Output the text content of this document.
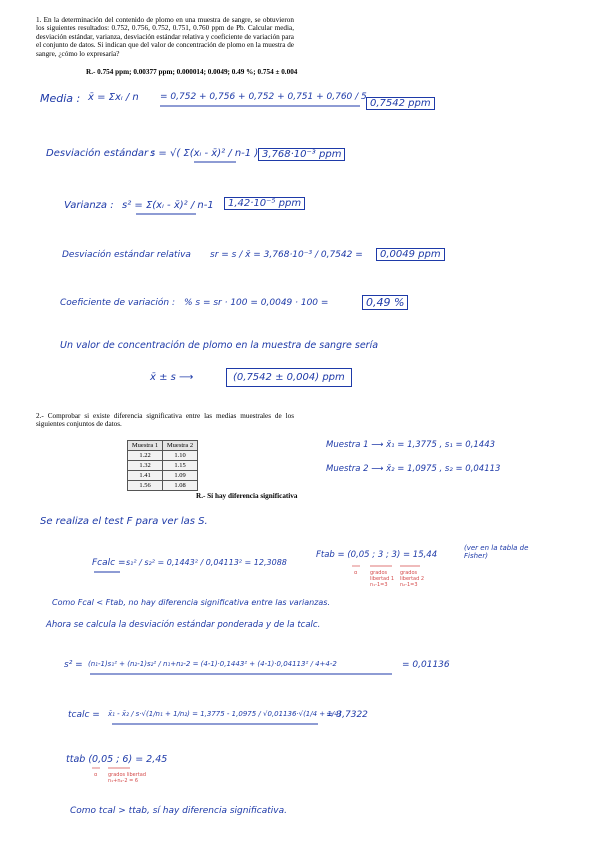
1. En la determinación del contenido de plomo en una muestra de sangre, se obtuvieron los siguientes resultados: 0.752, 0.756, 0.752, 0.751, 0.760 ppm de Pb. Calcular media, desviación estándar, varianza, desviación estándar relativa y coeficiente de variación para el conjunto de datos. Si indican que del valor de concentración de plomo en la muestra de sangre, ¿cómo lo expresaría?
R.- 0.754 ppm; 0.00377 ppm; 0.000014; 0.0049; 0.49 %; 0.754 ± 0.004
Media : x̄ = Σxᵢ / n = 0,752 + 0,756 + 0,752 + 0,751 + 0,760 / 5
0,7542 ppm
Desviación estándar :
s = √( Σ(xᵢ - x̄)² / n-1 ) 3,768·10⁻³ ppm
Varianza : s² = Σ(xᵢ - x̄)² / n-1	1,42·10⁻⁵ ppm
Desviación estándar relativa sr = s / x̄ = 3,768·10⁻³ / 0,7542 =	0,0049 ppm
Coeficiente de variación : % s = sr · 100 = 0,0049 · 100 =	0,49 %
Un valor de concentración de plomo en la muestra de sangre sería
x̄ ± s ⟶	(0,7542 ± 0,004) ppm
2.- Comprobar si existe diferencia significativa entre las medias muestrales de los siguientes conjuntos de datos.
Muestra 1	Muestra 2
1.22	1.10
1.32	1.15
1.41	1.09
1.56	1.08
R.- Sí hay diferencia significativa
Muestra 1 ⟶ x̄₁ = 1,3775 , s₁ = 0,1443
Muestra 2 ⟶ x̄₂ = 1,0975 , s₂ = 0,04113
Se realiza el test F para ver las S.
Fcalc = s₁² / s₂² = 0,1443² / 0,04113² = 12,3088
Ftab = (0,05 ; 3 ; 3) = 15,44
(ver en la tabla de Fisher)
α	grados libertad 1 n₁-1=3
grados libertad 2 n₂-1=3
Como Fcal < Ftab, no hay diferencia significativa entre las varianzas.
Ahora se calcula la desviación estándar ponderada y de la tcalc.
s² = (n₁-1)s₁² + (n₂-1)s₂² / n₁+n₂-2 = (4-1)·0,1443² + (4-1)·0,04113² / 4+4-2	= 0,01136
tcalc = x̄₁ - x̄₂ / s·√(1/n₁ + 1/n₂) = 1,3775 - 1,0975 / √0,01136·√(1/4 + 1/4)
= 3,7322
ttab (0,05 ; 6) = 2,45
α grados libertad n₁+n₂-2 = 6
Como tcal > ttab, sí hay diferencia significativa.
